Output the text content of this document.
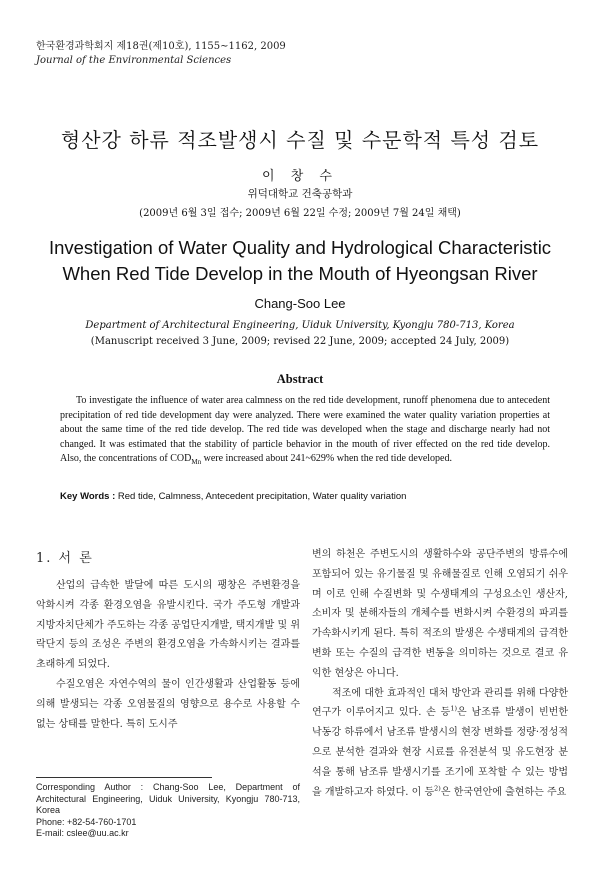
한국환경과학회지 제18권(제10호), 1155∼1162, 2009
Journal of the Environmental Sciences
형산강 하류 적조발생시 수질 및 수문학적 특성 검토
이 창 수
위덕대학교 건축공학과
(2009년 6월 3일 접수; 2009년 6월 22일 수정; 2009년 7월 24일 채택)
Investigation of Water Quality and Hydrological Characteristic
When Red Tide Develop in the Mouth of Hyeongsan River
Chang-Soo Lee
Department of Architectural Engineering, Uiduk University, Kyongju 780-713, Korea
(Manuscript received 3 June, 2009; revised 22 June, 2009; accepted 24 July, 2009)
Abstract

To investigate the influence of water area calmness on the red tide development, runoff phenomena due to antecedent precipitation of red tide development day were analyzed. There were examined the water quality variation properties at about the same time of the red tide develop. The red tide was developed when the stage and discharge nearly had not changed. It was estimated that the stability of particle behavior in the mouth of river effected on the red tide develop. Also, the concentrations of $COD_{Mn}$ were increased about 241~629% when the red tide developed.

Key Words : Red tide, Calmness, Antecedent precipitation, Water quality variation

1. 서 론

산업의 급속한 발달에 따른 도시의 팽창은 주변환경을 악화시켜 각종 환경오염을 유발시킨다. 국가 주도형 개발과 지방자치단체가 주도하는 각종 공업단지개발, 택지개발 및 위락단지 등의 조성은 주변의 환경오염을 가속화시키는 결과를 초래하게 되었다.

수질오염은 자연수역의 물이 인간생활과 산업활동 등에 의해 발생되는 각종 오염물질의 영향으로 용수로 사용할 수 없는 상태를 말한다. 특히 도시주

변의 하천은 주변도시의 생활하수와 공단주변의 방류수에 포함되어 있는 유기물질 및 유해물질로 인해 오염되기 쉬우며 이로 인해 수질변화 및 수생태계의 구성요소인 생산자, 소비자 및 분해자들의 개체수를 변화시켜 수환경의 파괴를 가속화시키게 된다. 특히 적조의 발생은 수생태계의 급격한 변화 또는 수질의 급격한 변동을 의미하는 것으로 결코 유익한 현상은 아니다.

적조에 대한 효과적인 대처 방안과 관리를 위해 다양한 연구가 이루어지고 있다. 손 등$^{1)}$은 남조류 발생이 빈번한 낙동강 하류에서 남조류 발생시의 현장 변화를 정량·정성적으로 분석한 결과와 현장 시료를 유전분석 및 유도현장 분석을 통해 남조류 발생시기를 조기에 포착할 수 있는 방법을 개발하고자 하였다. 이 등$^{2)}$은 한국연안에 출현하는 주요

Corresponding Author : Chang-Soo Lee, Department of Architectural Engineering, Uiduk University, Kyongju 780-713, Korea

Phone: +82-54-760-1701

E-mail: cslee@uu.ac.kr
